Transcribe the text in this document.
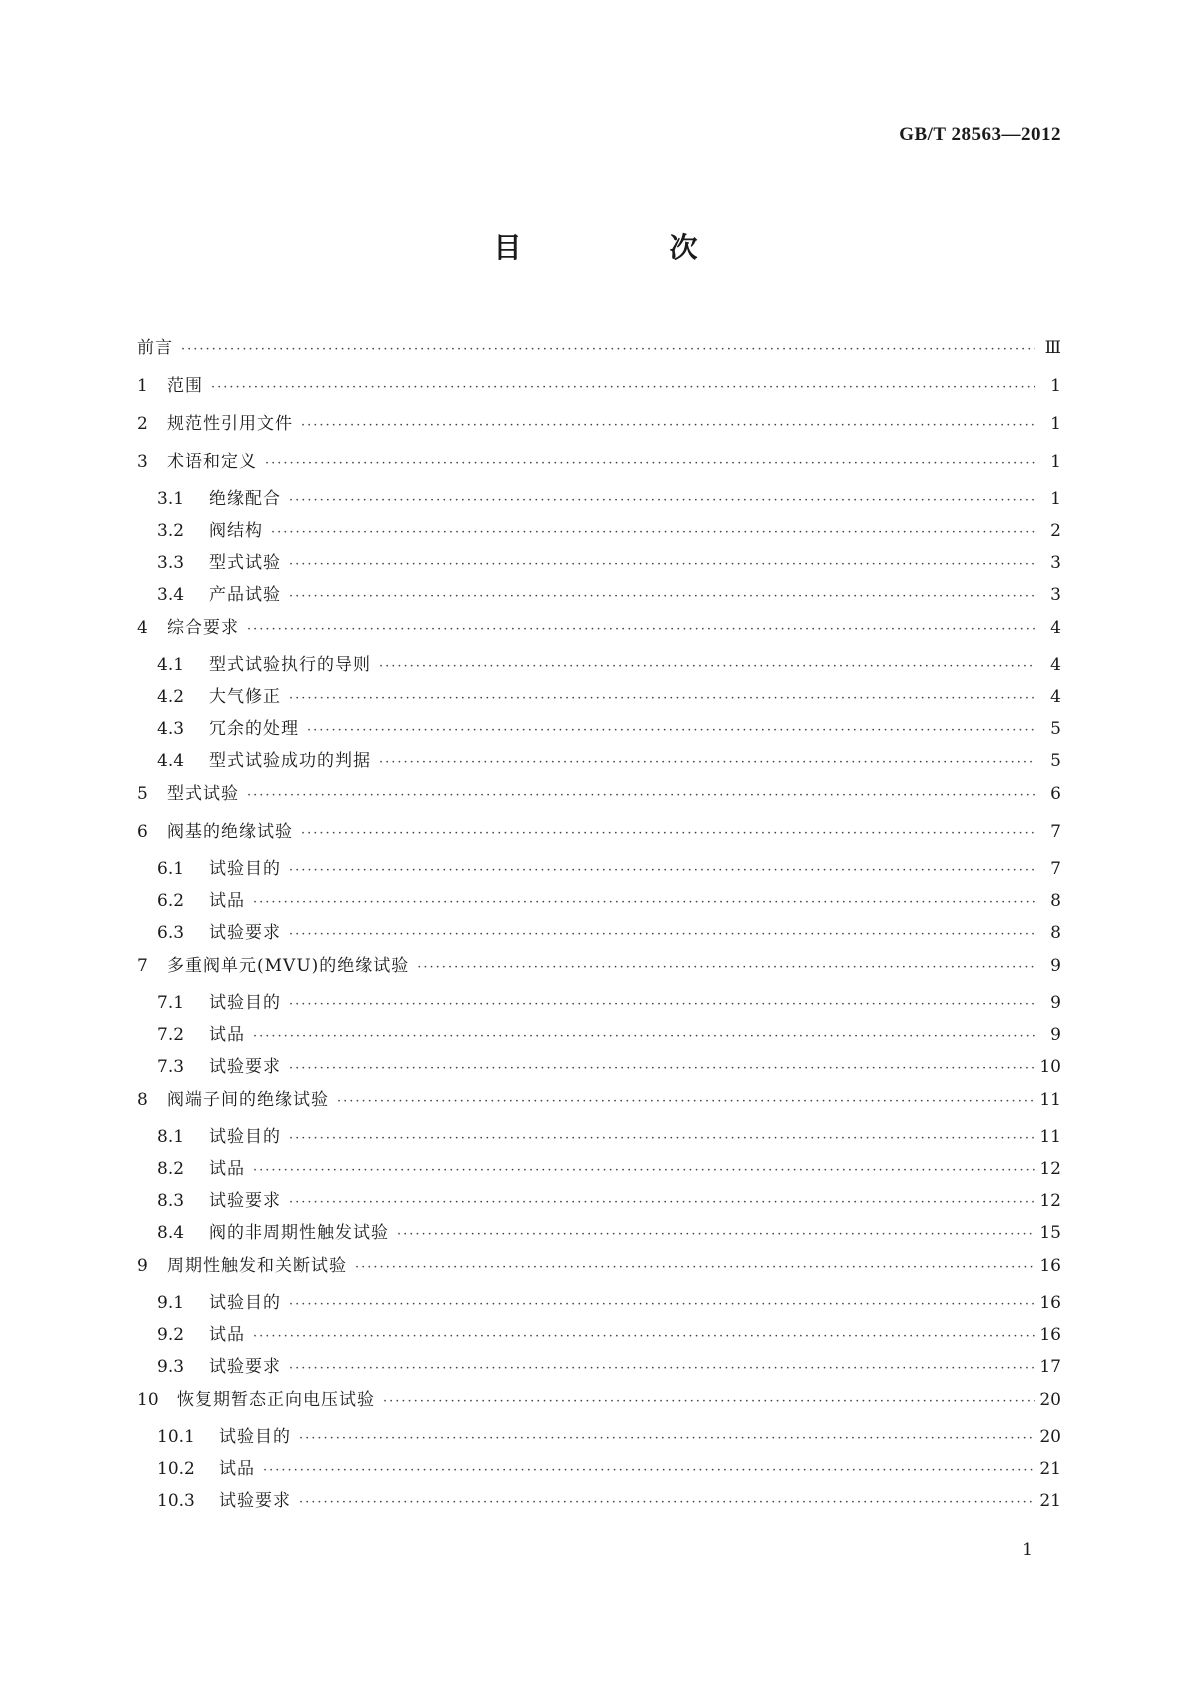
GB/T 28563—2012
目　次
前言 ·····	Ⅲ
1	范围 ·····	1
2	规范性引用文件 ·····	1
3	术语和定义 ·····	1
3.1	绝缘配合 ·····	1
3.2	阀结构 ·····	2
3.3	型式试验 ·····	3
3.4	产品试验 ·····	3
4	综合要求 ·····	4
4.1	型式试验执行的导则 ·····	4
4.2	大气修正 ·····	4
4.3	冗余的处理 ·····	5
4.4	型式试验成功的判据 ·····	5
5	型式试验 ·····	6
6	阀基的绝缘试验 ·····	7
6.1	试验目的 ·····	7
6.2	试品 ·····	8
6.3	试验要求 ·····	8
7	多重阀单元(MVU)的绝缘试验 ·····	9
7.1	试验目的 ·····	9
7.2	试品 ·····	9
7.3	试验要求 ·····	10
8	阀端子间的绝缘试验 ·····	11
8.1	试验目的 ·····	11
8.2	试品 ·····	12
8.3	试验要求 ·····	12
8.4	阀的非周期性触发试验 ·····	15
9	周期性触发和关断试验 ·····	16
9.1	试验目的 ·····	16
9.2	试品 ·····	16
9.3	试验要求 ·····	17
10	恢复期暂态正向电压试验 ·····	20
10.1	试验目的 ·····	20
10.2	试品 ·····	21
10.3	试验要求 ·····	21
1
